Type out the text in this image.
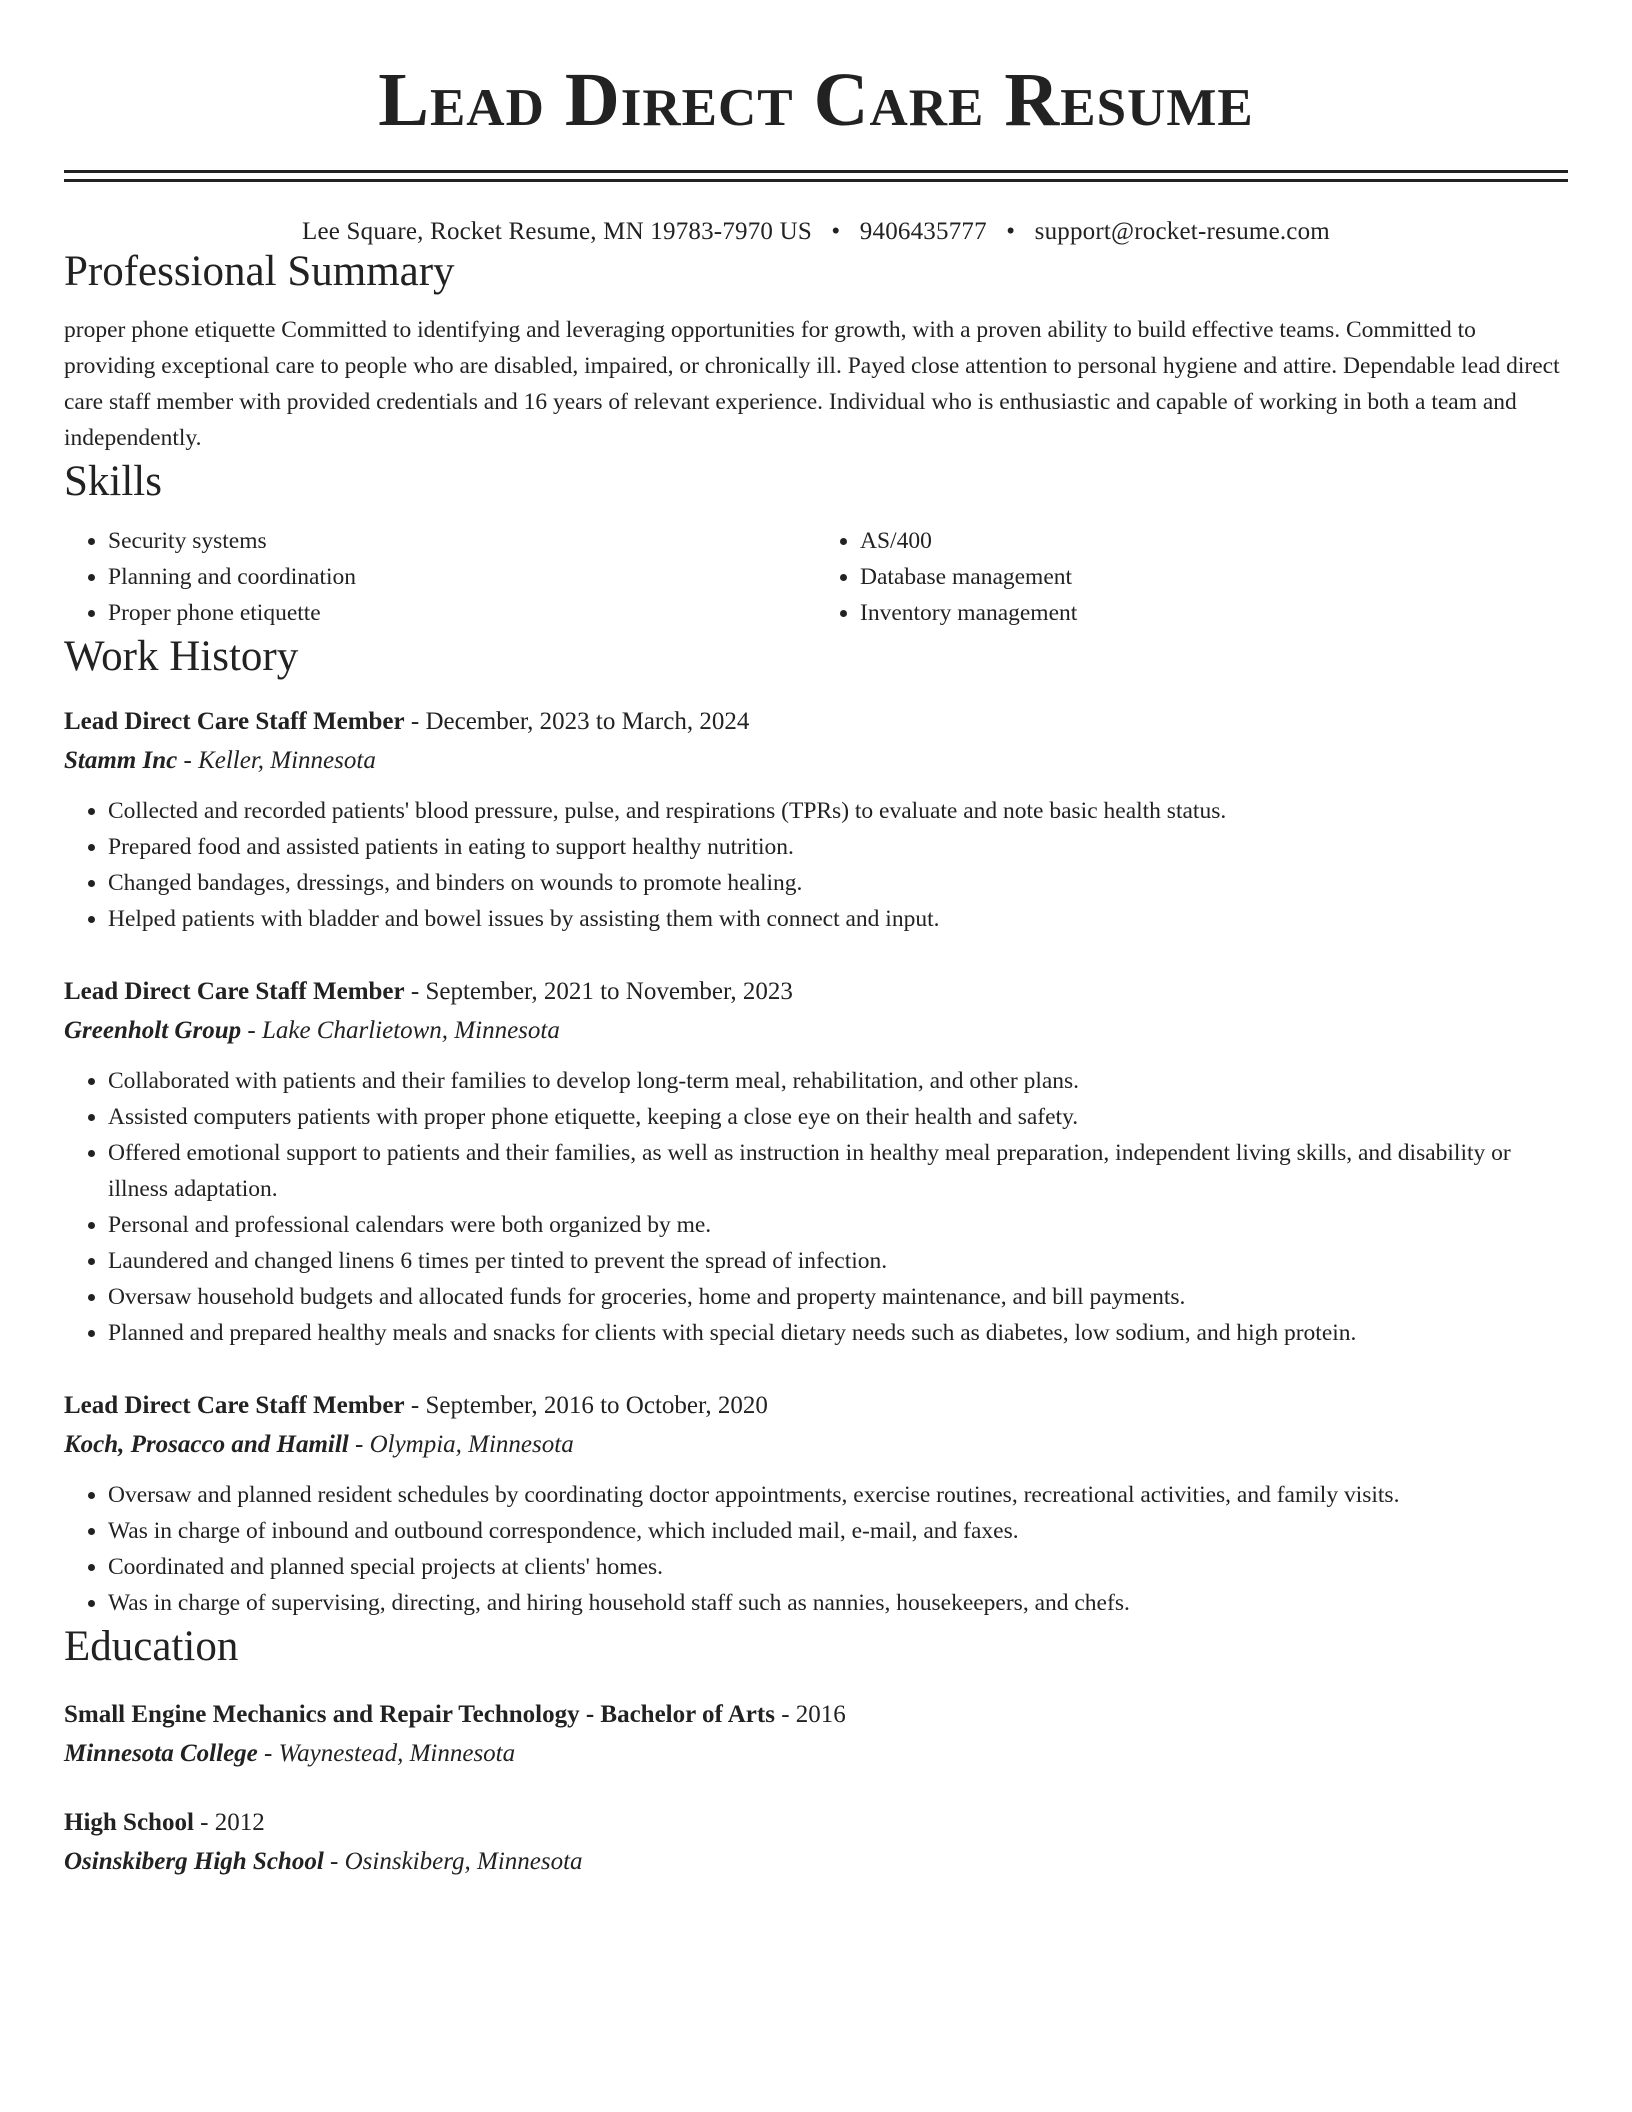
Lead Direct Care Resume
Lee Square, Rocket Resume, MN 19783-7970 US • 9406435777 • support@rocket-resume.com
Professional Summary
proper phone etiquette Committed to identifying and leveraging opportunities for growth, with a proven ability to build effective teams. Committed to providing exceptional care to people who are disabled, impaired, or chronically ill. Payed close attention to personal hygiene and attire. Dependable lead direct care staff member with provided credentials and 16 years of relevant experience. Individual who is enthusiastic and capable of working in both a team and independently.
Skills
• Security systems
• Planning and coordination
• Proper phone etiquette
• AS/400
• Database management
• Inventory management
Work History
Lead Direct Care Staff Member - December, 2023 to March, 2024
Stamm Inc - Keller, Minnesota
• Collected and recorded patients' blood pressure, pulse, and respirations (TPRs) to evaluate and note basic health status.
• Prepared food and assisted patients in eating to support healthy nutrition.
• Changed bandages, dressings, and binders on wounds to promote healing.
• Helped patients with bladder and bowel issues by assisting them with connect and input.
Lead Direct Care Staff Member - September, 2021 to November, 2023
Greenholt Group - Lake Charlietown, Minnesota
• Collaborated with patients and their families to develop long-term meal, rehabilitation, and other plans.
• Assisted computers patients with proper phone etiquette, keeping a close eye on their health and safety.
• Offered emotional support to patients and their families, as well as instruction in healthy meal preparation, independent living skills, and disability or illness adaptation.
• Personal and professional calendars were both organized by me.
• Laundered and changed linens 6 times per tinted to prevent the spread of infection.
• Oversaw household budgets and allocated funds for groceries, home and property maintenance, and bill payments.
• Planned and prepared healthy meals and snacks for clients with special dietary needs such as diabetes, low sodium, and high protein.
Lead Direct Care Staff Member - September, 2016 to October, 2020
Koch, Prosacco and Hamill - Olympia, Minnesota
• Oversaw and planned resident schedules by coordinating doctor appointments, exercise routines, recreational activities, and family visits.
• Was in charge of inbound and outbound correspondence, which included mail, e-mail, and faxes.
• Coordinated and planned special projects at clients' homes.
• Was in charge of supervising, directing, and hiring household staff such as nannies, housekeepers, and chefs.
Education
Small Engine Mechanics and Repair Technology - Bachelor of Arts - 2016
Minnesota College - Waynestead, Minnesota
High School - 2012
Osinskiberg High School - Osinskiberg, Minnesota
